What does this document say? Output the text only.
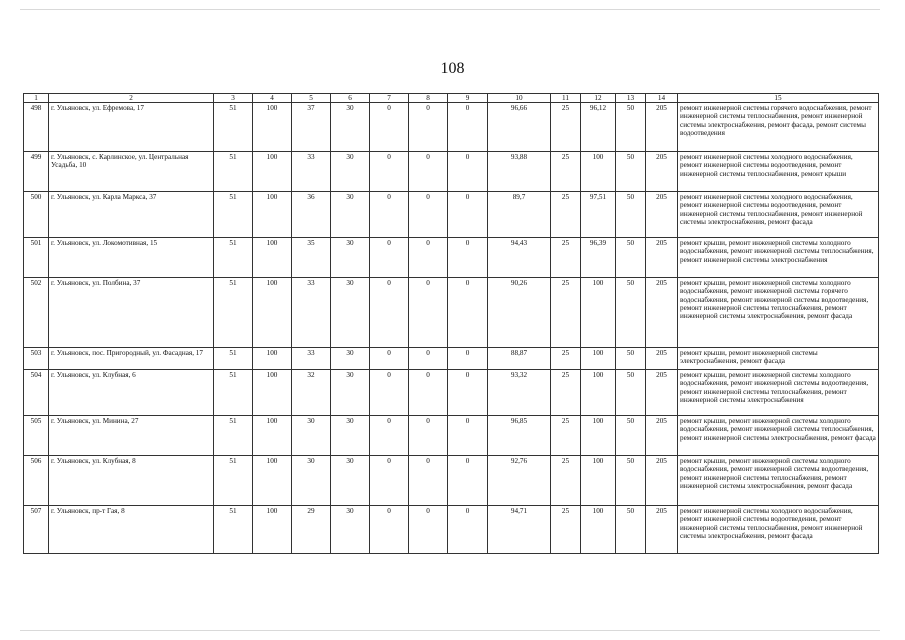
108
1	2	3	4	5	6	7	8	9	10	11	12	13	14	15
498	г. Ульяновск, ул. Ефремова, 17	51	100	37	30	0	0	0	96,66	25	96,12	50	205	ремонт инженерной системы горячего водоснабжения, ремонт инженерной системы теплоснабжения, ремонт инженерной системы электроснабжения, ремонт фасада, ремонт системы водоотведения
499	г. Ульяновск, с. Карлинское, ул. Центральная Усадьба, 10	51	100	33	30	0	0	0	93,88	25	100	50	205	ремонт инженерной системы холодного водоснабжения, ремонт инженерной системы водоотведения, ремонт инженерной системы теплоснабжения, ремонт крыши
500	г. Ульяновск, ул. Карла Маркса, 37	51	100	36	30	0	0	0	89,7	25	97,51	50	205	ремонт инженерной системы холодного водоснабжения, ремонт инженерной системы водоотведения, ремонт инженерной системы теплоснабжения, ремонт инженерной системы электроснабжения, ремонт фасада
501	г. Ульяновск, ул. Локомотивная, 15	51	100	35	30	0	0	0	94,43	25	96,39	50	205	ремонт крыши, ремонт инженерной системы холодного водоснабжения, ремонт инженерной системы теплоснабжения, ремонт инженерной системы электроснабжения
502	г. Ульяновск, ул. Полбина, 37	51	100	33	30	0	0	0	90,26	25	100	50	205	ремонт крыши, ремонт инженерной системы холодного водоснабжения, ремонт инженерной системы горячего водоснабжения, ремонт инженерной системы водоотведения, ремонт инженерной системы теплоснабжения, ремонт инженерной системы электроснабжения, ремонт фасада
503	г. Ульяновск, пос. Пригородный, ул. Фасадная, 17	51	100	33	30	0	0	0	88,87	25	100	50	205	ремонт крыши, ремонт инженерной системы электроснабжения, ремонт фасада
504	г. Ульяновск, ул. Клубная, 6	51	100	32	30	0	0	0	93,32	25	100	50	205	ремонт крыши, ремонт инженерной системы холодного водоснабжения, ремонт инженерной системы водоотведения, ремонт инженерной системы теплоснабжения, ремонт инженерной системы электроснабжения
505	г. Ульяновск, ул. Минина, 27	51	100	30	30	0	0	0	96,85	25	100	50	205	ремонт крыши, ремонт инженерной системы холодного водоснабжения, ремонт инженерной системы теплоснабжения, ремонт инженерной системы электроснабжения, ремонт фасада
506	г. Ульяновск, ул. Клубная, 8	51	100	30	30	0	0	0	92,76	25	100	50	205	ремонт крыши, ремонт инженерной системы холодного водоснабжения, ремонт инженерной системы водоотведения, ремонт инженерной системы теплоснабжения, ремонт инженерной системы электроснабжения, ремонт фасада
507	г. Ульяновск, пр-т Гая, 8	51	100	29	30	0	0	0	94,71	25	100	50	205	ремонт инженерной системы холодного водоснабжения, ремонт инженерной системы водоотведения, ремонт инженерной системы теплоснабжения, ремонт инженерной системы электроснабжения, ремонт фасада
